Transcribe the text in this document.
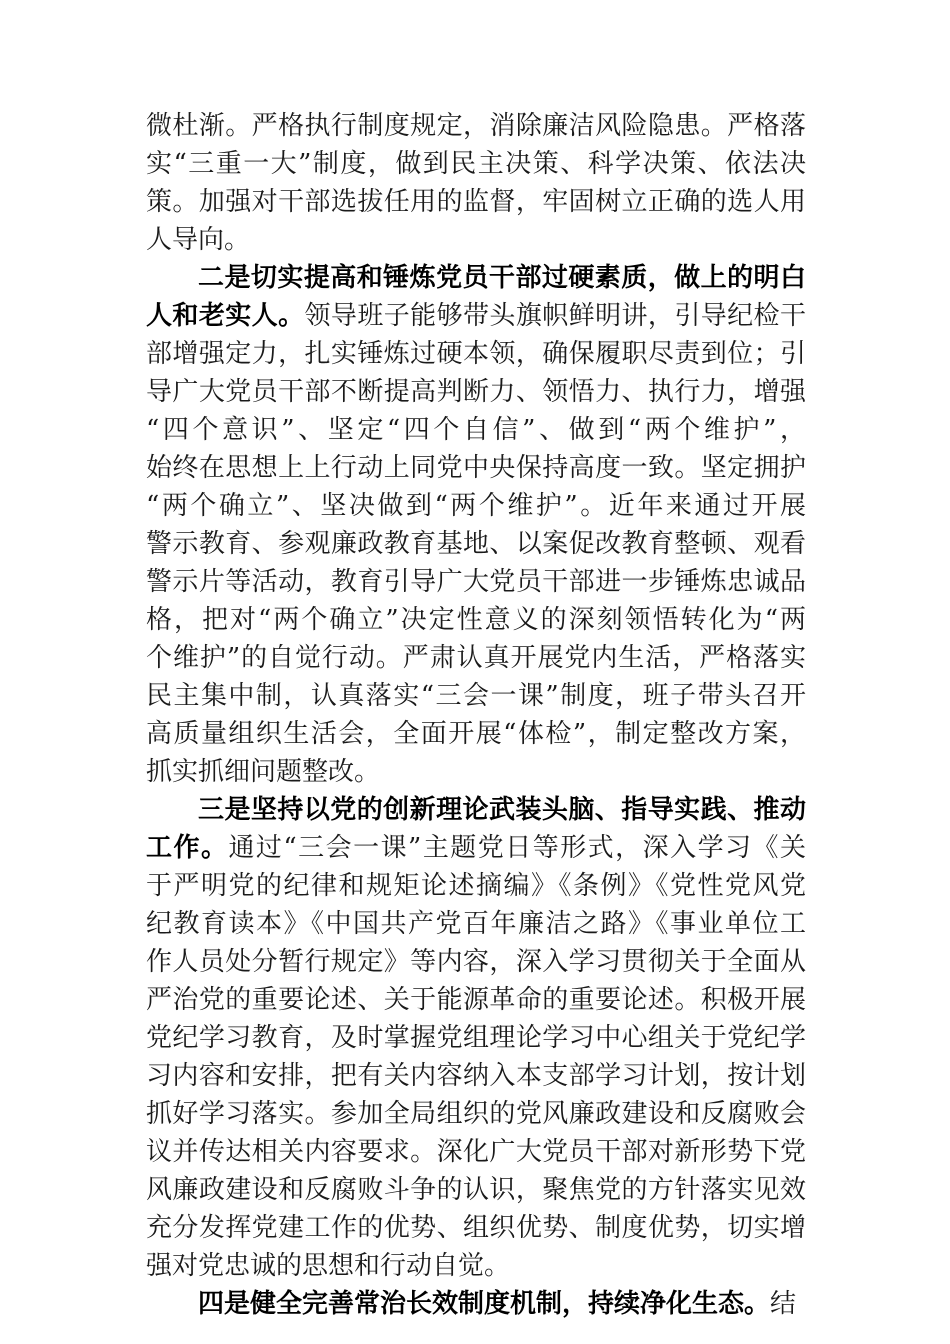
微杜渐。严格执行制度规定，消除廉洁风险隐患。严格落
实“三重一大”制度，做到民主决策、科学决策、依法决
策。加强对干部选拔任用的监督，牢固树立正确的选人用
人导向。
二是切实提高和锤炼党员干部过硬素质，做上的明白
人和老实人。领导班子能够带头旗帜鲜明讲，引导纪检干
部增强定力，扎实锤炼过硬本领，确保履职尽责到位；引
导广大党员干部不断提高判断力、领悟力、执行力，增强
“四个意识”、坚定“四个自信”、做到“两个维护”，
始终在思想上上行动上同党中央保持高度一致。坚定拥护
“两个确立”、坚决做到“两个维护”。近年来通过开展
警示教育、参观廉政教育基地、以案促改教育整顿、观看
警示片等活动，教育引导广大党员干部进一步锤炼忠诚品
格，把对“两个确立”决定性意义的深刻领悟转化为“两
个维护”的自觉行动。严肃认真开展党内生活，严格落实
民主集中制，认真落实“三会一课”制度，班子带头召开
高质量组织生活会，全面开展“体检”，制定整改方案，
抓实抓细问题整改。
三是坚持以党的创新理论武装头脑、指导实践、推动
工作。通过“三会一课”主题党日等形式，深入学习《关
于严明党的纪律和规矩论述摘编》《条例》《党性党风党
纪教育读本》《中国共产党百年廉洁之路》《事业单位工
作人员处分暂行规定》等内容，深入学习贯彻关于全面从
严治党的重要论述、关于能源革命的重要论述。积极开展
党纪学习教育，及时掌握党组理论学习中心组关于党纪学
习内容和安排，把有关内容纳入本支部学习计划，按计划
抓好学习落实。参加全局组织的党风廉政建设和反腐败会
议并传达相关内容要求。深化广大党员干部对新形势下党
风廉政建设和反腐败斗争的认识，聚焦党的方针落实见效
充分发挥党建工作的优势、组织优势、制度优势，切实增
强对党忠诚的思想和行动自觉。
四是健全完善常治长效制度机制，持续净化生态。结
